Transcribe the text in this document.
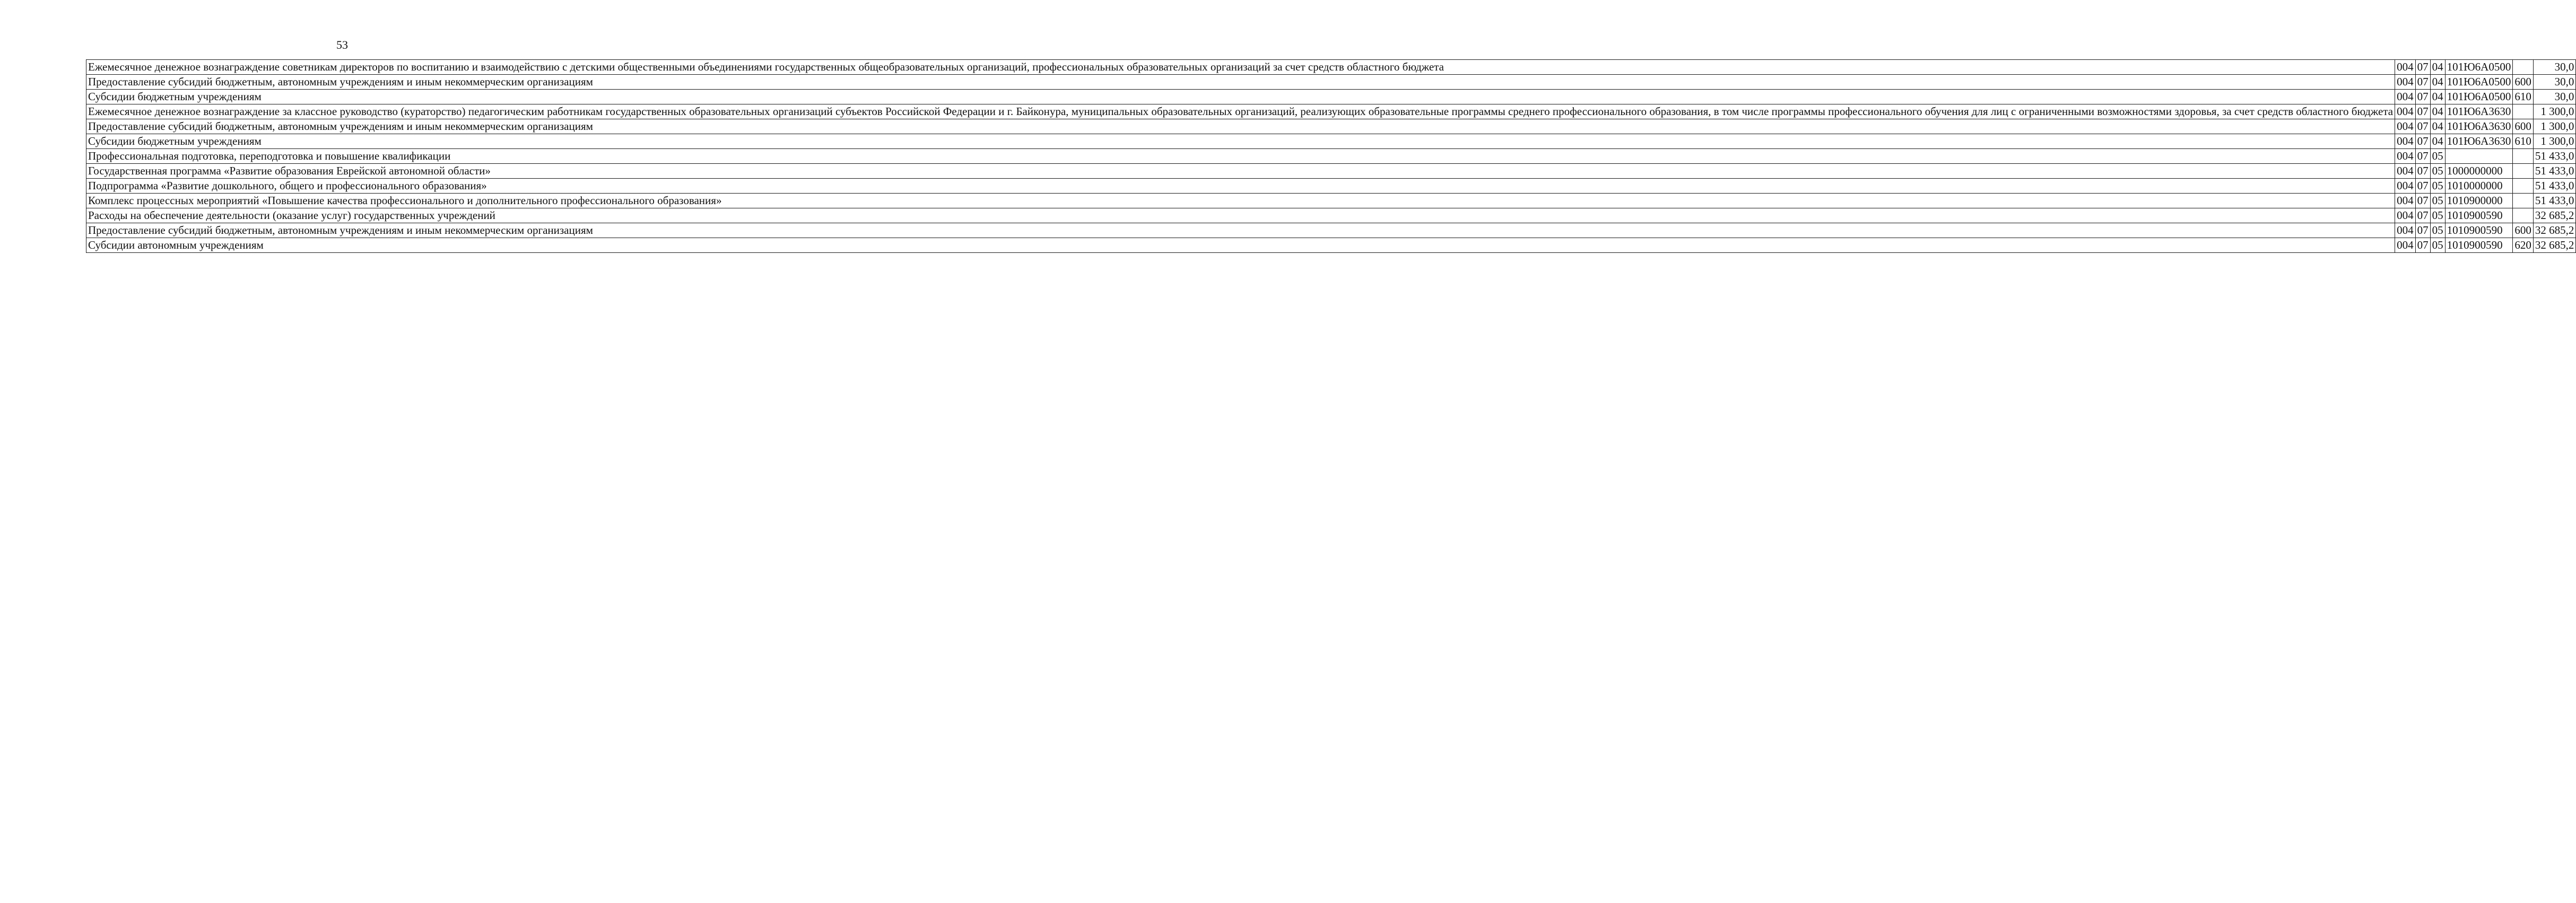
53
Ежемесячное денежное вознаграждение советникам директоров по воспитанию и взаимодействию с детскими общественными объединениями государственных общеобразовательных организаций, профессиональных образовательных организаций за счет средств областного бюджета	004	07	04	101Ю6А0500		30,0

Предоставление субсидий бюджетным, автономным учреждениям и иным некоммерческим организациям	004	07	04	101Ю6А0500	600	30,0

Субсидии бюджетным учреждениям	004	07	04	101Ю6А0500	610	30,0

Ежемесячное денежное вознаграждение за классное руководство (кураторство) педагогическим работникам государственных образовательных организаций субъектов Российской Федерации и г. Байконура, муниципальных образовательных организаций, реализующих образовательные программы среднего профессионального образования, в том числе программы профессионального обучения для лиц с ограниченными возможностями здоровья, за счет средств областного бюджета	004	07	04	101Ю6А3630		1 300,0

Предоставление субсидий бюджетным, автономным учреждениям и иным некоммерческим организациям	004	07	04	101Ю6А3630	600	1 300,0

Субсидии бюджетным учреждениям	004	07	04	101Ю6А3630	610	1 300,0

Профессиональная подготовка, переподготовка и повышение квалификации	004	07	05			51 433,0

Государственная программа «Развитие образования Еврейской автономной области»	004	07	05	1000000000		51 433,0

Подпрограмма «Развитие дошкольного, общего и профессионального образования»	004	07	05	1010000000		51 433,0

Комплекс процессных мероприятий «Повышение качества профессионального и дополнительного профессионального образования»	004	07	05	1010900000		51 433,0

Расходы на обеспечение деятельности (оказание услуг) государственных учреждений	004	07	05	1010900590		32 685,2

Предоставление субсидий бюджетным, автономным учреждениям и иным некоммерческим организациям	004	07	05	1010900590	600	32 685,2

Субсидии автономным учреждениям	004	07	05	1010900590	620	32 685,2
